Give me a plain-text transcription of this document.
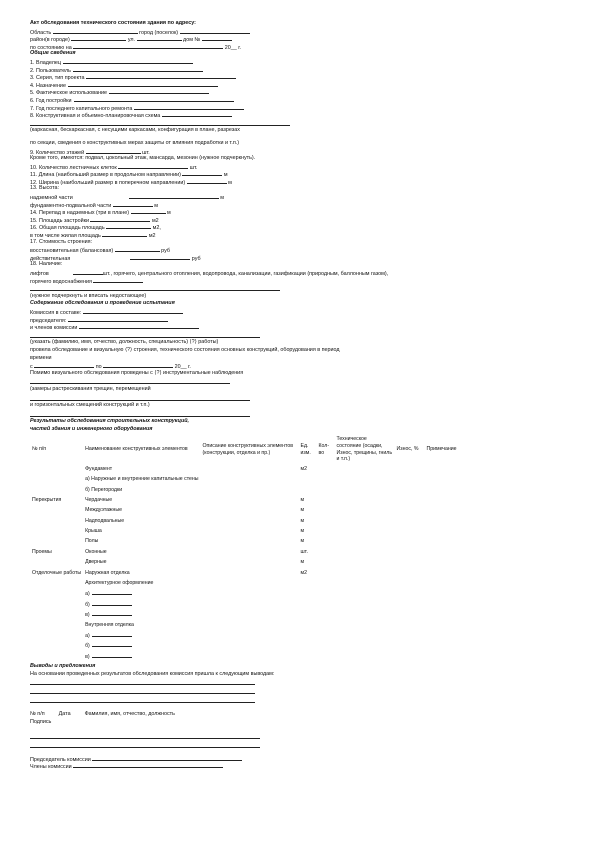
Акт обследования технического состояния здания по адресу:
Область	город (поселок)
район(в городе)	ул.	дом №
по состоянию на	20__ г.
Общие сведения
1. Владелец
2. Пользователь
3. Серия, тип проекта
4. Назначение
5. Фактическое использование
6. Год постройки
7. Год последнего капитального ремонта
8. Конструктивная и объемно-планировочная схема
(каркасная, бескаркасная, с несущими каркасами, конфигурация в плане, разрезах
по секции, сведения о конструктивных мерах защиты от влияния подработки и т.п.)
9. Количество этажей	шт.
Кроме того, имеются: подвал, цокольный этаж, мансарда, мезонин (нужное подчеркнуть).
10. Количество лестничных клеток	шт.
11. Длина (наибольший размер в продольном направлении)	м
12. Ширина (наибольший размер в поперечном направлении)	м
13. Высота:
надземной части	м
фундаментно-подвальной части	м
14. Перепад в надземных (три в плане)	м
15. Площадь застройки	м2
16. Общая площадь площадь	м2,
в том числе жилая площадь	м2
17. Стоимость строения:
восстановительная (балансовая)	руб
действительная	руб
18. Наличие:
лифтов	шт., горячего, центрального отопления, водопровода, канализации, газификации (природным, баллонным газом),
горячего водоснабжения
(нужное подчеркнуть и вписать недостающее)
Содержание обследования и проведение испытания
Комиссия в составе:
председателя:
и членов комиссии
(указать (фамилию, имя, отчество, должность, специальность) ⟨?⟩ работы)
провела обследование и визуальную ⟨?⟩ строения, технического состояния основных конструкций, оборудования в период
времени
с	по	20__ г.
Помимо визуального обследования проведены с ⟨?⟩ инструментальные наблюдения
(замеры растрескивания трещин, перемещений
и горизонтальных смещений конструкций и т.п.)
Результаты обследования строительных конструкций,
частей здания и инженерного оборудования
№ п/п	Наименование конструктивных элементов	Описание конструктивных элементов (конструкции, отделка и пр.)	Ед. изм.	Кол-во	Техническое состояние (осадки, Износ, трещины, гниль и т.п.)	Износ, %	Примечание
	Фундамент		м2				
	а) Наружные и внутренние капитальные стены						
	б) Перегородки						
Перекрытия	Чердачные		м				
	Междуэтажные		м				
	Надподвальные		м				
	Крыша		м				
	Полы		м				
Проемы	Оконные		шт.				
	Дверные		м				
Отделочные работы	Наружная отделка		м2				
	Архитектурное оформление						
	а)						
	б)						
	в)						
	Внутренняя отделка						
	а)						
	б)						
	в)						
Выводы и предложения
На основании проведенных результатов обследования комиссия пришла к следующим выводам:
№ п/п	Дата	Фамилия, имя, отчество, должность
Подпись
Председатель комиссии
Члены комиссии
